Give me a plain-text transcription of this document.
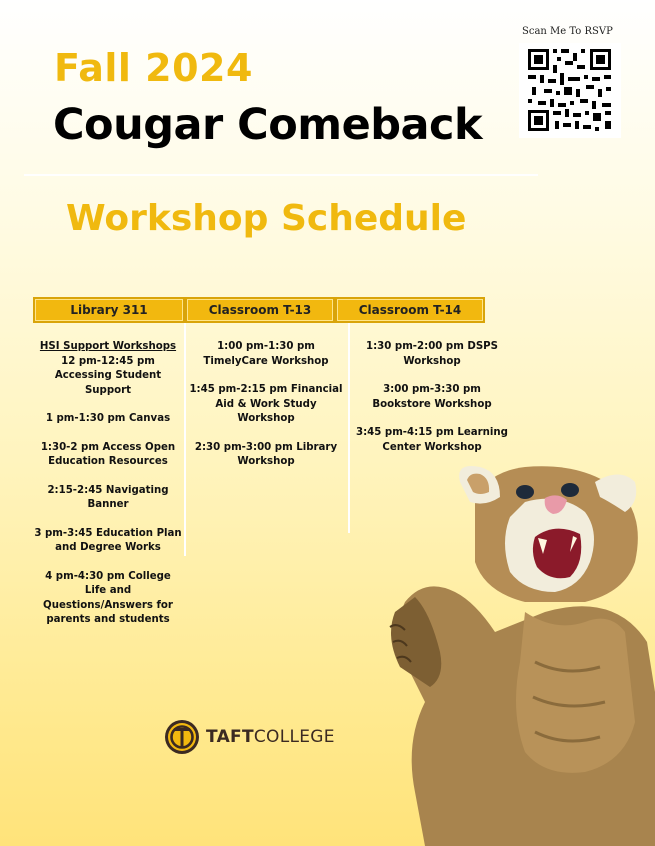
Fall 2024
Cougar Comeback
Workshop Schedule
Scan Me To RSVP
Library 311	Classroom T-13	Classroom T-14
HSI Support Workshops
12 pm-12:45 pm
Accessing Student
Support
1 pm-1:30 pm Canvas
1:30-2 pm Access Open
Education Resources
2:15-2:45 Navigating
Banner
3 pm-3:45 Education Plan
and Degree Works
4 pm-4:30 pm College
Life and
Questions/Answers for
parents and students
1:00 pm-1:30 pm
TimelyCare Workshop
1:45 pm-2:15 pm Financial
Aid & Work Study
Workshop
2:30 pm-3:00 pm Library
Workshop
1:30 pm-2:00 pm DSPS
Workshop
3:00 pm-3:30 pm
Bookstore Workshop
3:45 pm-4:15 pm Learning
Center Workshop
TAFTCOLLEGE
